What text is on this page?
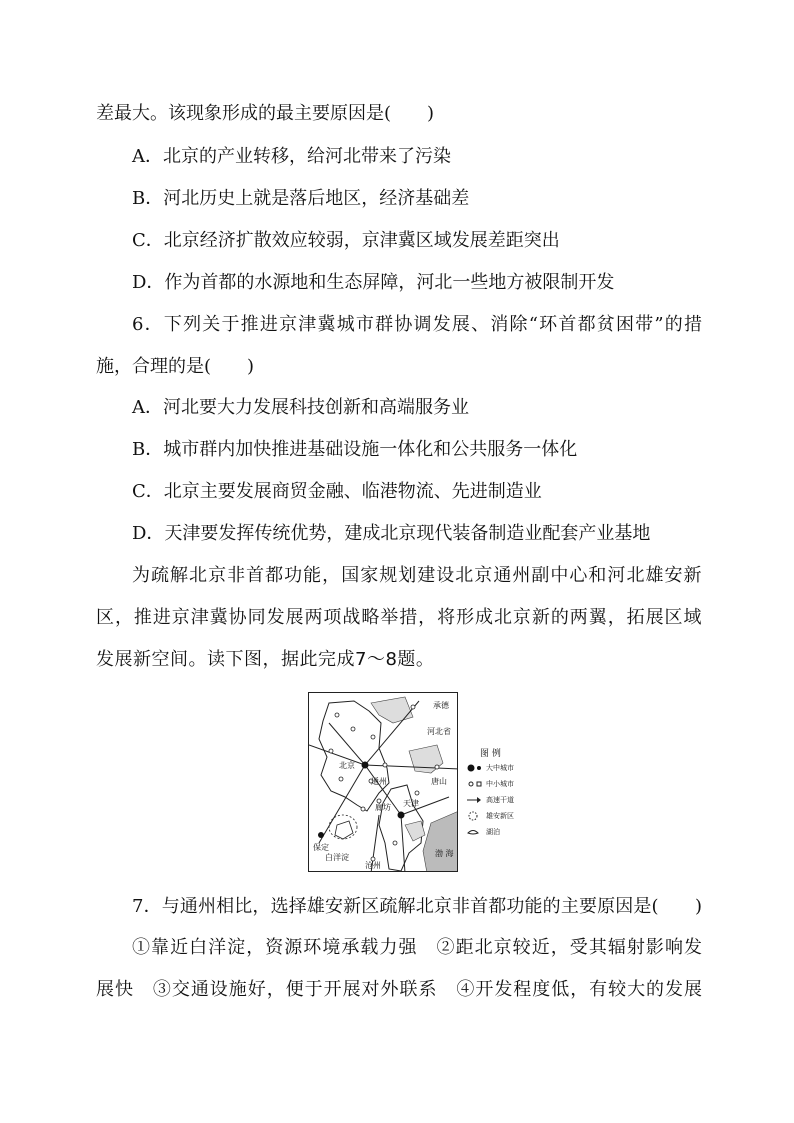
差最大。该现象形成的最主要原因是(　　)
A．北京的产业转移，给河北带来了污染
B．河北历史上就是落后地区，经济基础差
C．北京经济扩散效应较弱，京津冀区域发展差距突出
D．作为首都的水源地和生态屏障，河北一些地方被限制开发
6．下列关于推进京津冀城市群协调发展、消除“环首都贫困带”的措
施，合理的是(　　)
A．河北要大力发展科技创新和高端服务业
B．城市群内加快推进基础设施一体化和公共服务一体化
C．北京主要发展商贸金融、临港物流、先进制造业
D．天津要发挥传统优势，建成北京现代装备制造业配套产业基地
为疏解北京非首都功能，国家规划建设北京通州副中心和河北雄安新
区，推进京津冀协同发展两项战略举措，将形成北京新的两翼，拓展区域
发展新空间。读下图，据此完成7～8题。
承德
河北省
北京
通州	唐山
廊坊 天津
保定
白洋淀
沧州
渤 海
图 例
大中城市
中小城市
高速干道
雄安新区
湖泊
7．与通州相比，选择雄安新区疏解北京非首都功能的主要原因是(　　)
①靠近白洋淀，资源环境承载力强　②距北京较近，受其辐射影响发
展快　③交通设施好，便于开展对外联系　④开发程度低，有较大的发展
